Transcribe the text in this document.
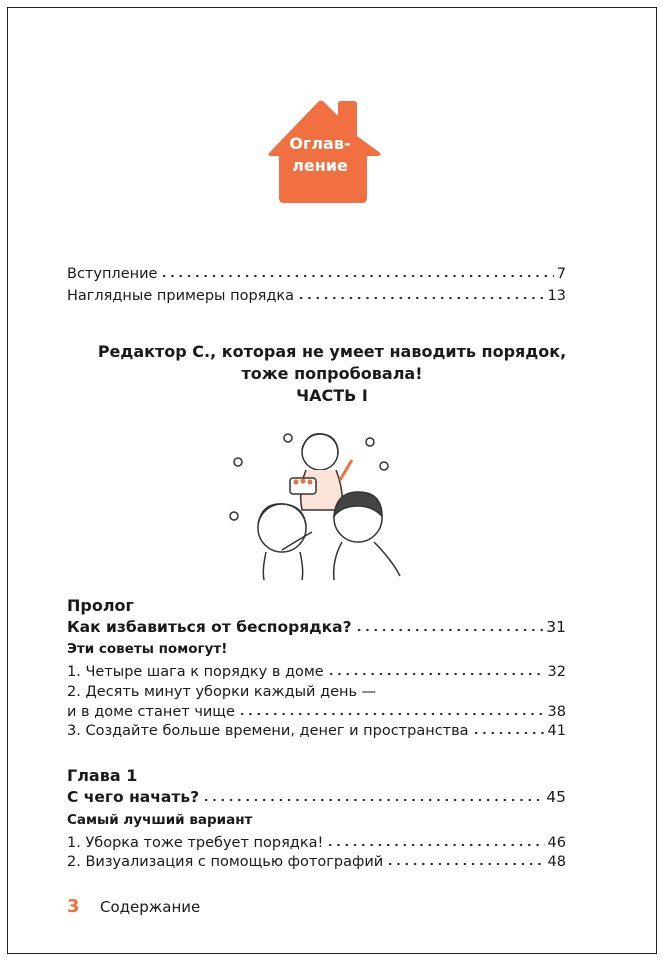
Оглав-
ление
Вступление	7
Наглядные примеры порядка	13
Редактор С., которая не умеет наводить порядок,
тоже попробовала!
ЧАСТЬ I
Пролог
Как избавиться от беспорядка?	31
Эти советы помогут!
1. Четыре шага к порядку в доме	32
2. Десять минут уборки каждый день —
и в доме станет чище	38
3. Создайте больше времени, денег и пространства	41
Глава 1
С чего начать?	45
Самый лучший вариант
1. Уборка тоже требует порядка!	46
2. Визуализация с помощью фотографий	48
3 Содержание
